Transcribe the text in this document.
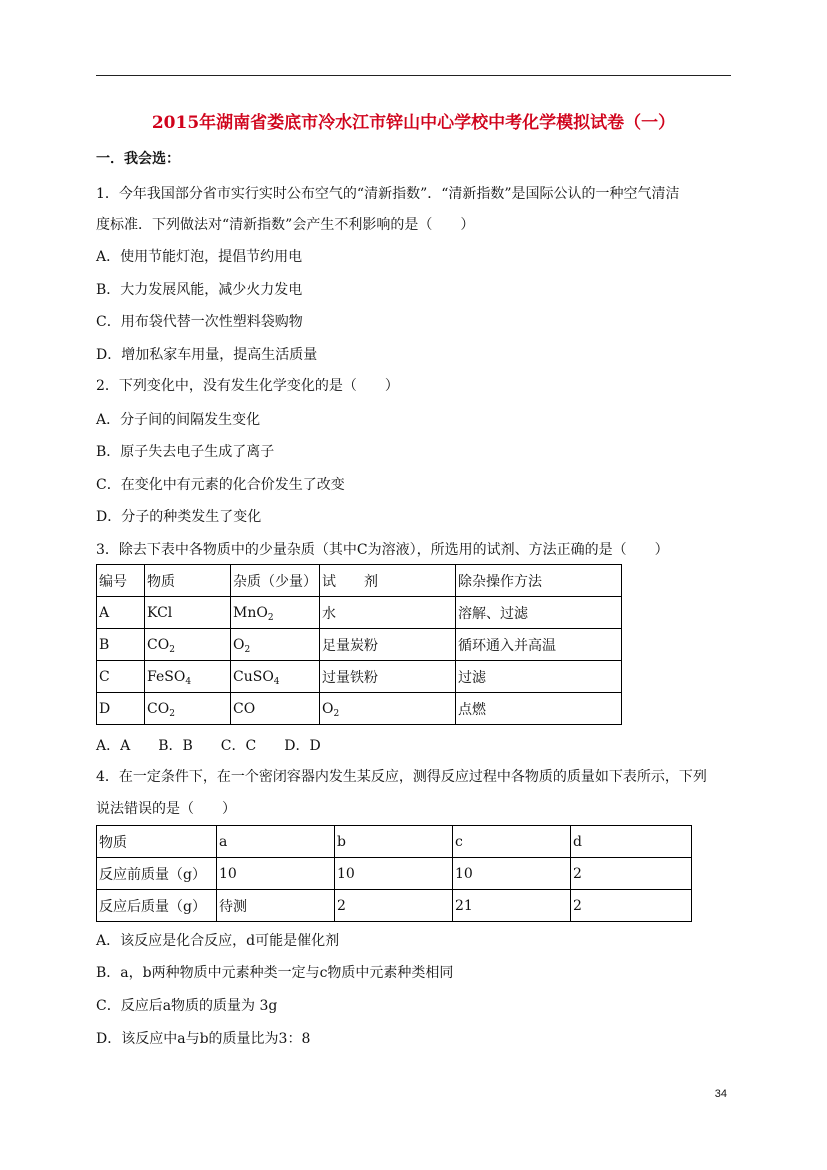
2015年湖南省娄底市冷水江市锌山中心学校中考化学模拟试卷（一）
一．我会选：
1．今年我国部分省市实行实时公布空气的“清新指数”．“清新指数”是国际公认的一种空气清洁
度标准．下列做法对“清新指数”会产生不利影响的是（　　）
A．使用节能灯泡，提倡节约用电
B．大力发展风能，减少火力发电
C．用布袋代替一次性塑料袋购物
D．增加私家车用量，提高生活质量
2．下列变化中，没有发生化学变化的是（　　）
A．分子间的间隔发生变化
B．原子失去电子生成了离子
C．在变化中有元素的化合价发生了改变
D．分子的种类发生了变化
3．除去下表中各物质中的少量杂质（其中C为溶液），所选用的试剂、方法正确的是（　　）
编号	物质	杂质（少量）	试　　剂	除杂操作方法
A	KCl	MnO$_2$	水	溶解、过滤
B	$CO_2$	$O_2$	足量炭粉	循环通入并高温
C	FeSO$_4$	CuSO$_4$	过量铁粉	过滤
D	$CO_2$	CO	$O_2$	点燃
A．A　　B．B　　C．C　　D．D
4．在一定条件下，在一个密闭容器内发生某反应，测得反应过程中各物质的质量如下表所示，下列
说法错误的是（　　）
物质	a	b	c	d
反应前质量（g）	10	10	10	2
反应后质量（g）	待测	2	21	2
A．该反应是化合反应，d可能是催化剂
B．a，b两种物质中元素种类一定与c物质中元素种类相同
C．反应后a物质的质量为 3g
D．该反应中a与b的质量比为3：8
34
